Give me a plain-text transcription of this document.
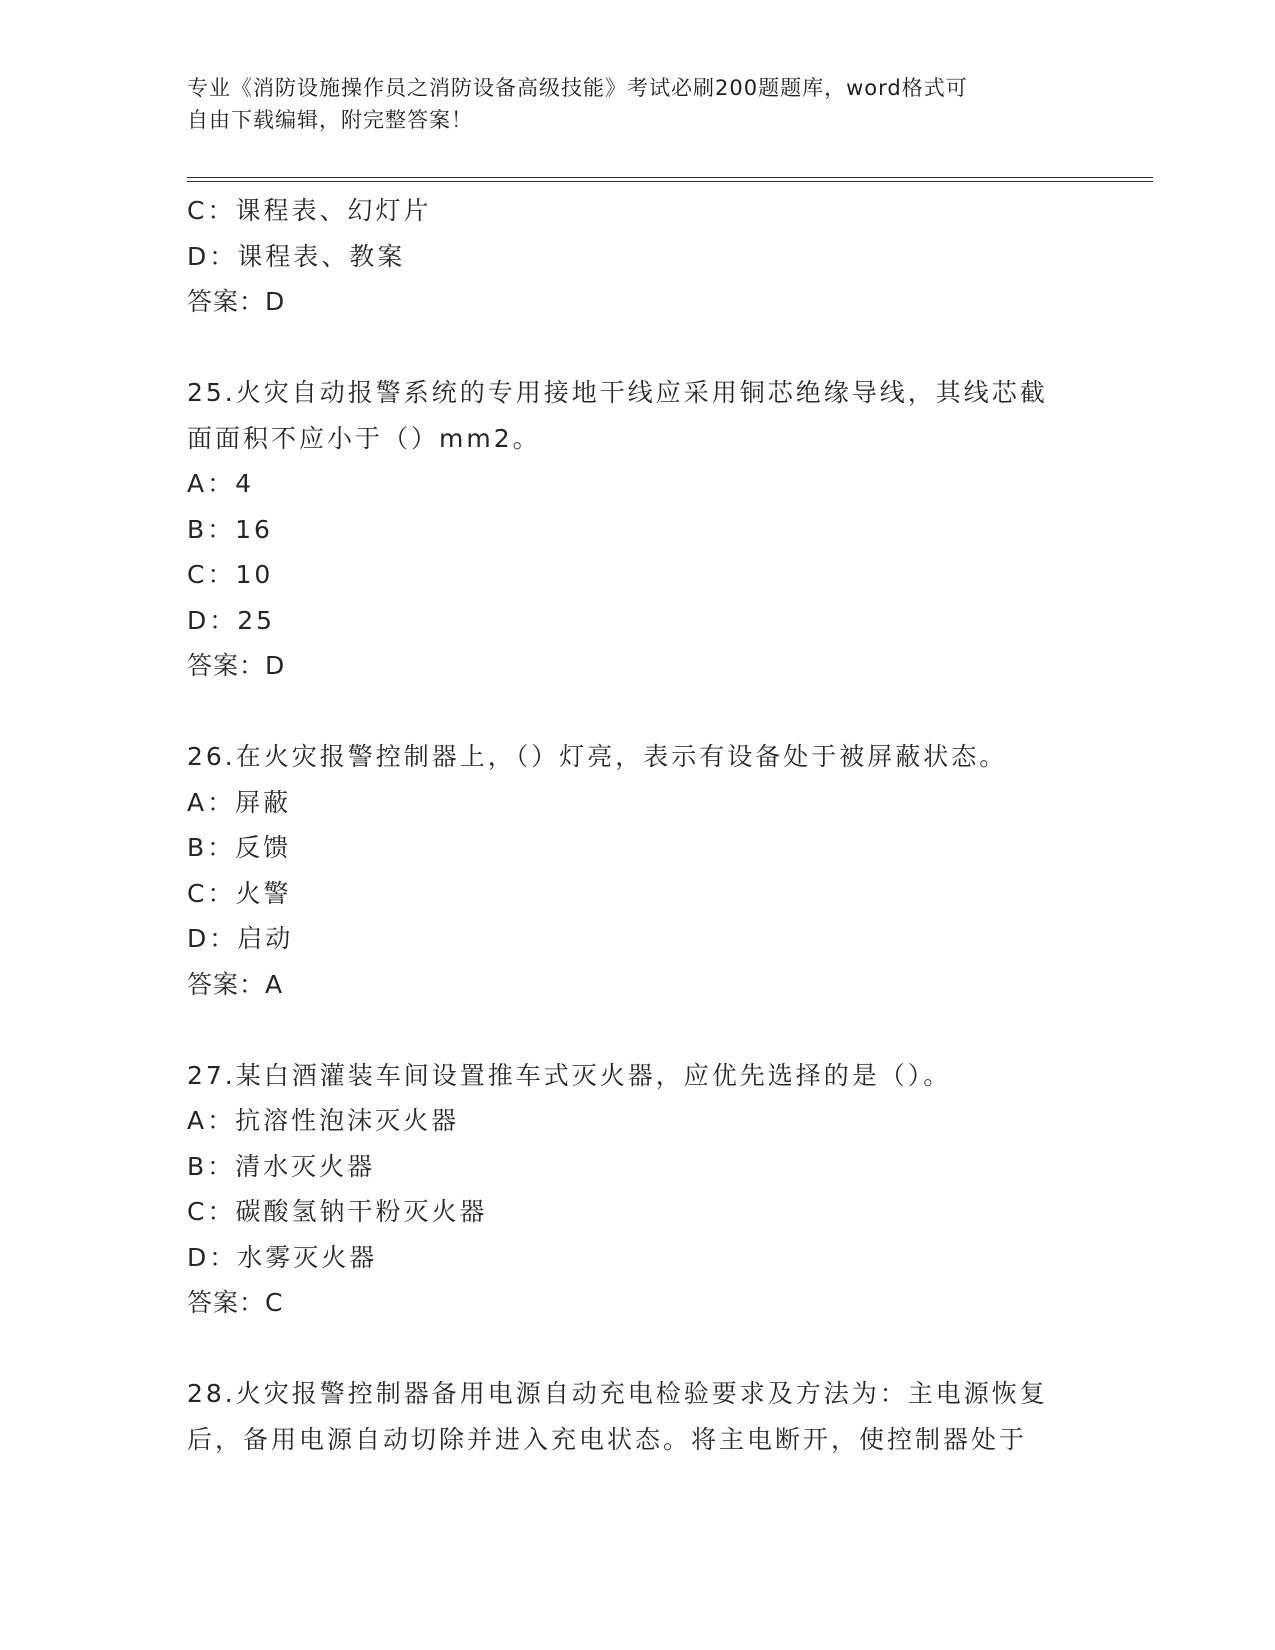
专业《消防设施操作员之消防设备高级技能》考试必刷200题题库，word格式可
自由下载编辑，附完整答案！
C：课程表、幻灯片
D：课程表、教案
答案：D
25.火灾自动报警系统的专用接地干线应采用铜芯绝缘导线，其线芯截
面面积不应小于（）mm2。
A：4
B：16
C：10
D：25
答案：D
26.在火灾报警控制器上，（）灯亮，表示有设备处于被屏蔽状态。
A：屏蔽
B：反馈
C：火警
D：启动
答案：A
27.某白酒灌装车间设置推车式灭火器，应优先选择的是（）。
A：抗溶性泡沫灭火器
B：清水灭火器
C：碳酸氢钠干粉灭火器
D：水雾灭火器
答案：C
28.火灾报警控制器备用电源自动充电检验要求及方法为：主电源恢复
后，备用电源自动切除并进入充电状态。将主电断开，使控制器处于
